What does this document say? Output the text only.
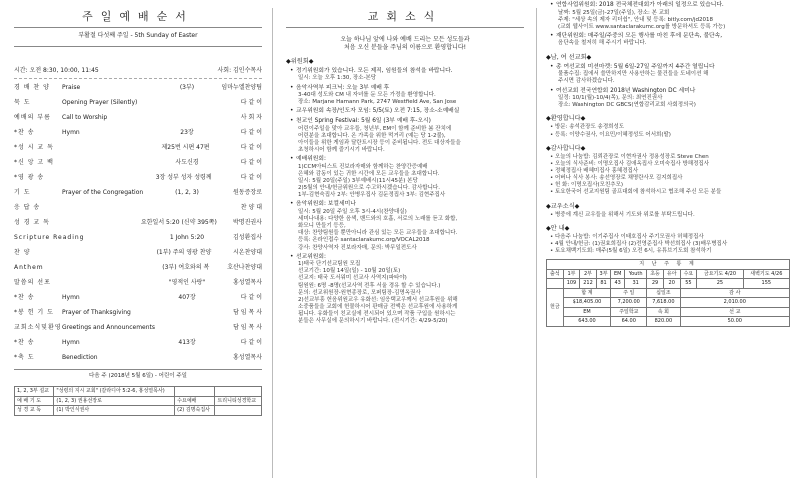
주일예배순서
부활절 다섯째 주일 - 5th Sunday of Easter
시간: 오전 8:30, 10:00, 11:45	사회: 김인수목사
경 배 찬 양	Praise	(3부)	임마누엘찬양팀
묵 도	Opening Prayer (Silently)	다 같 이
예배의 부름	Call to Worship	사 회 자
*찬 송	Hymn	23장	다 같 이
*성 시 교 독	제25번 시편 47편	다 같 이
*신 앙 고 백	사도신경	다 같 이
*영 광 송	3장 성부 성자 성령께	다 같 이
기 도	Prayer of the Congregation	(1, 2, 3)	원동증장로
응 답 송	찬 양 대
성 경 교 독	요한일서 5:20 (신약 395쪽)	박명진권사
Scripture Reading	1 John 5:20	김성환집사
찬 양	(1부) 주의 영광 찬양	시온찬양대
Anthem	(3부) 여호와의 복	호산나찬양대
말씀의 선포	"영적인 사랑"	홍성열목사
*찬 송	Hymn	407장	다 같 이
*봉 헌 기 도	Prayer of Thanksgiving	담 임 목 사
교회소식및환영 Greetings and Announcements	담 임 목 사
*찬 송	Hymn	413장	다 같 이
*축 도	Benediction	홍성열목사
다음 주 (2018년 5월 6일) - 어린이 주일
1, 2, 3부 설교	"성령의 지시 교회" (갈라디아 5:2-6, 홍성열목사)		
예 배 기 도	(1, 2, 3) 권용선장로	수요예배	트리니티성경학교
성 경 교 독	(1) 박인식권사	(2) 김명숙집사	
교회소식
오늘 하나님 앞에 나와 예배 드리는 모든 성도들과
처음 오신 분들을 주님의 이름으로 환영합니다!
◆위원회◆
• 정기위원회가 있습니다. 모든 제직, 임원들의 참석을 바랍니다.
일시: 오늘 오후 1:30, 장소-본당
• 음악사역부 피크닉: 오늘 3부 예배 후
3-40대 성도와 CM 내 자녀를 둔 모든 가정을 환영합니다.
장소: Marjane Hamann Park, 2747 Westfield Ave, San Jose
• 교우위원회 속장/인도자 모임: 5/5(토) 오전 7:15, 장소-소예배실
• 천교인 Spring Festival: 5월 6일 (3부 예배 후-오시)
어린이주일을 맞아 교우들, 청년부, EM이 함께 준비한 봄 잔치에
어린분을 초대합니다. 온 가족을 위한 먹거리 (예는 당 1-2불),
아이들을 위한 게임과 달란트시장 등이 준비됩니다. 전도 대상자들을
초청하시어 함께 즐기시기 바랍니다.
• 예배위원회:
1)CCM아티스트 진보라자매와 함께하는 찬양간증예배
은혜와 감동이 있는 귀한 시간에 모든 교우들을 초대합니다.
일시: 5월 20일(주일) 3부예배시(11시45분) 본당
2)5월의 안내/헌금위원으로 수고하시겠습니다. 감사합니다.
1부-김현숙집사 2부: 안병우집사 김둔정집사 3부: 김현주집사
• 음악위원회: 보컬세미나
일시: 5월 20일 주일 오후 3시-4시(찬양대실)
세미나내용: 다양한 음색, 밴드와의 호흡, 서로의 노래를 듣고 화합,
화모니 만들기 등등,
대상: 찬양팀원들 뿐만아니라 관심 있는 모든 교우들을 초대합니다.
등록: 온라인접수 santaclarakumc.org/VOCAL2018
강사: 찬양사역자 진보라자매, 문의: 박무일전도사
• 선교위원회:
1)태국 단기선교팀원 모집
선교기간: 10월 14일(일) - 10월 20일(토)
선교지: 태국 도서워미 선교사 사역지(파타야)
팀원원: 6명 -8명(선교사역 전후 서울 경유 할 수 있습니다.)
문의: 선교위원장-원현종장로, 모퍼팀장-김명옥권사
2)선교부흥 헌음위원교우 유화선: 임응택교우께서 선교후원을 위해
소중품들을 교회에 헌물하시어 판매금 전액은 선교후원에 사용하게
됩니다. 유화들이 친교실에 전시되어 있으며 작품 구입을 원하시는
분들은 사무실에 문의하시기 바랍니다. (전시기간: 4/29-5/20)
• 연합사업위원회: 2018 전국체전대회가 아래의 일정으로 있습니다.
날짜: 5월 25일(금)-27일(주일), 장소: 본 교회
주제: "세상 속의 제자 리더쉽", 안내 및 등록: bitly.com/jd2018
(교회 웹사이트 www.santaclarakumc.org를 방문하셔도 등록 가능)
• 재단위원회: 매주일/주중의 모든 행사를 마친 후에 문단속, 불단속,
음단속을 철저히 해 주시기 바랍니다.
◆남, 여 선교회◆
• 총 여선교회 미션마켓: 5월 6일-27일 주일까지 4주간 열립니다
물품수집: 집에서 쓸만하지만 사용안하는 물건들을 도네이션 해
주시면 감사하겠습니다.
• 여선교회 전국연합회 2018년 Washington DC 세미나
일정: 10/1(월)-10/4(목), 문의: 최연진권사
장소: Washington DC GBCS(연합감리교회 사회정의국)
◆환영합니다◆
• 방문: 송석관장도 송경희성도
• 등록: 이양수권사, 이요민/이혜정성도 어서희(딸)
◆감사합니다◆
• 오늘의 나눔밥: 김뢰관장로 이현자권사 정용성장로 Steve Chen
• 오늘의 식사준비: 이명오집사 김애옥집사 오미숙집사 방해정집사
• 정혜정집사 배혜미집사 홍혜경집사
• 어버나 식사 봉사: 송선영장로 채명란사모 김지희집사
• 헌 화: 이명오집사(모친추모)
• 토요한국어 선교지원팀 골프대회에 참석하시고 협조해 주신 모든 분들
◆교우소식◆
• 병중에 계신 교우들을 위해서 기도와 위로를 부탁드립니다.
◆안 내◆
• 다음주 나눔밥: 이기주집사 이태호집사 주기모권사 허혜정집사
• 4월 안내/헌금: (1)권효희집사 (2)전영준집사 박선희집사 (3)배우병집사
• 토요채백기도회: 매주(5월 6일) 오전 6시, 유튜브기도회 참석하기
지 난 주 통 계										
출석	1부	2부	3부	EM	Youth	초등	유아	수요	금요기도 4/20	새벽기도 4/26
	109	212	81	43	31	29	20	55	25	155
헌금	합 계			주 일		십일조		감 사		
	$18,405.00			7,200.00		7,618.00		2,010.00		
	EM			주일학교		속 회		선 교		
	643.00			64.00		820.00		50.00		
